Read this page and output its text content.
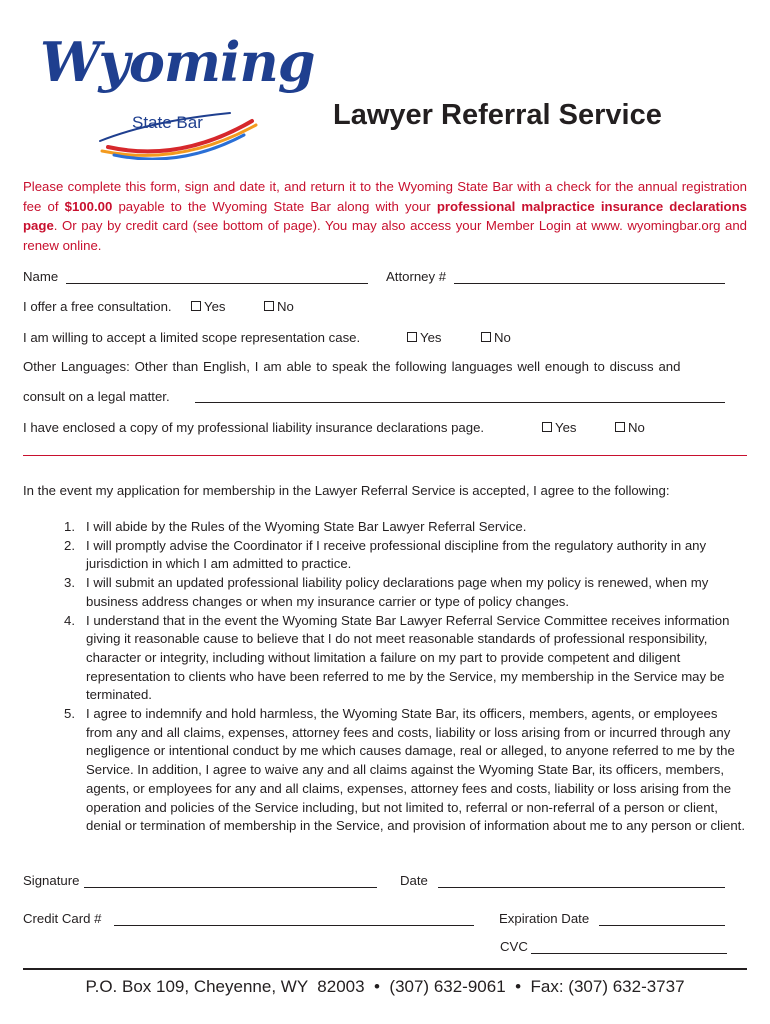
Wyoming
State Bar	Lawyer Referral Service
Please complete this form, sign and date it, and return it to the Wyoming State Bar with a check for the annual registration fee of $100.00 payable to the Wyoming State Bar along with your professional malpractice insurance declarations page. Or pay by credit card (see bottom of page). You may also access your Member Login at www. wyomingbar.org and renew online.
Name	Attorney #
I offer a free consultation.	Yes	No
I am willing to accept a limited scope representation case.	Yes	No
Other Languages: Other than English, I am able to speak the following languages well enough to discuss and
consult on a legal matter.
I have enclosed a copy of my professional liability insurance declarations page.	Yes	No
In the event my application for membership in the Lawyer Referral Service is accepted, I agree to the following:
1. I will abide by the Rules of the Wyoming State Bar Lawyer Referral Service.
2. I will promptly advise the Coordinator if I receive professional discipline from the regulatory authority in any jurisdiction in which I am admitted to practice.
3. I will submit an updated professional liability policy declarations page when my policy is renewed, when my business address changes or when my insurance carrier or type of policy changes.
4. I understand that in the event the Wyoming State Bar Lawyer Referral Service Committee receives information giving it reasonable cause to believe that I do not meet reasonable standards of professional responsibility, character or integrity, including without limitation a failure on my part to provide competent and diligent representation to clients who have been referred to me by the Service, my membership in the Service may be terminated.
5. I agree to indemnify and hold harmless, the Wyoming State Bar, its officers, members, agents, or employees from any and all claims, expenses, attorney fees and costs, liability or loss arising from or incurred through any negligence or intentional conduct by me which causes damage, real or alleged, to anyone referred to me by the Service. In addition, I agree to waive any and all claims against the Wyoming State Bar, its officers, members, agents, or employees for any and all claims, expenses, attorney fees and costs, liability or loss arising from the operation and policies of the Service including, but not limited to, referral or non-referral of a person or client, denial or termination of membership in the Service, and provision of information about me to any person or client.
Signature	Date
Credit Card #	Expiration Date
CVC
P.O. Box 109, Cheyenne, WY  82003  •  (307) 632-9061  •  Fax: (307) 632-3737
